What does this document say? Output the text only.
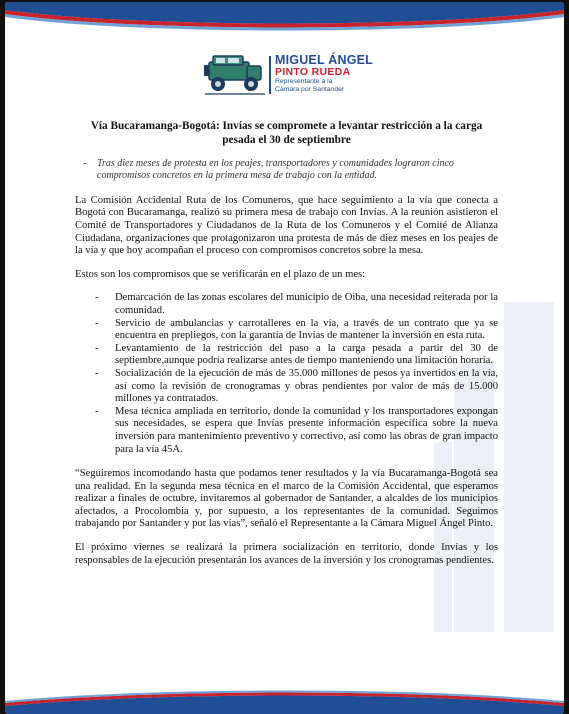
MIGUEL ÁNGEL
PINTO RUEDA
Representante a la
Cámara por Santander
Vía Bucaramanga-Bogotá: Invías se compromete a levantar restricción a la carga pesada el 30 de septiembre
- Tras diez meses de protesta en los peajes, transportadores y comunidades lograron cinco compromisos concretos en la primera mesa de trabajo con la entidad.

La Comisión Accidental Ruta de los Comuneros, que hace seguimiento a la vía que conecta a Bogotá con Bucaramanga, realizó su primera mesa de trabajo con Invías. A la reunión asistieron el Comité de Transportadores y Ciudadanos de la Ruta de los Comuneros y el Comité de Alianza Ciudadana, organizaciones que protagonizaron una protesta de más de diez meses en los peajes de la vía y que hoy acompañan el proceso con compromisos concretos sobre la mesa.

Estos son los compromisos que se verificarán en el plazo de un mes:

- Demarcación de las zonas escolares del municipio de Oiba, una necesidad reiterada por la comunidad.
- Servicio de ambulancias y carrotalleres en la vía, a través de un contrato que ya se encuentra en prepliegos, con la garantía de Invías de mantener la inversión en esta ruta.
- Levantamiento de la restricción del paso a la carga pesada a partir del 30 de septiembre,aunque podría realizarse antes de tiempo manteniendo una limitación horaria.
- Socialización de la ejecución de más de 35.000 millones de pesos ya invertidos en la vía, así como la revisión de cronogramas y obras pendientes por valor de más de 15.000 millones ya contratados.
- Mesa técnica ampliada en territorio, donde la comunidad y los transportadores expongan sus necesidades, se espera que Invías presente información específica sobre la nueva inversión para mantenimiento preventivo y correctivo, así como las obras de gran impacto para la vía 45A.

“Seguiremos incomodando hasta que podamos tener resultados y la vía Bucaramanga-Bogotá sea una realidad. En la segunda mesa técnica en el marco de la Comisión Accidental, que esperamos realizar a finales de octubre, invitaremos al gobernador de Santander, a alcaldes de los municipios afectados, a Procolombia y, por supuesto, a los representantes de la comunidad. Seguimos trabajando por Santander y por las vías”, señaló el Representante a la Cámara Miguel Ángel Pinto.

El próximo viernes se realizará la primera socialización en territorio, donde Invías y los responsables de la ejecución presentarán los avances de la inversión y los cronogramas pendientes.
